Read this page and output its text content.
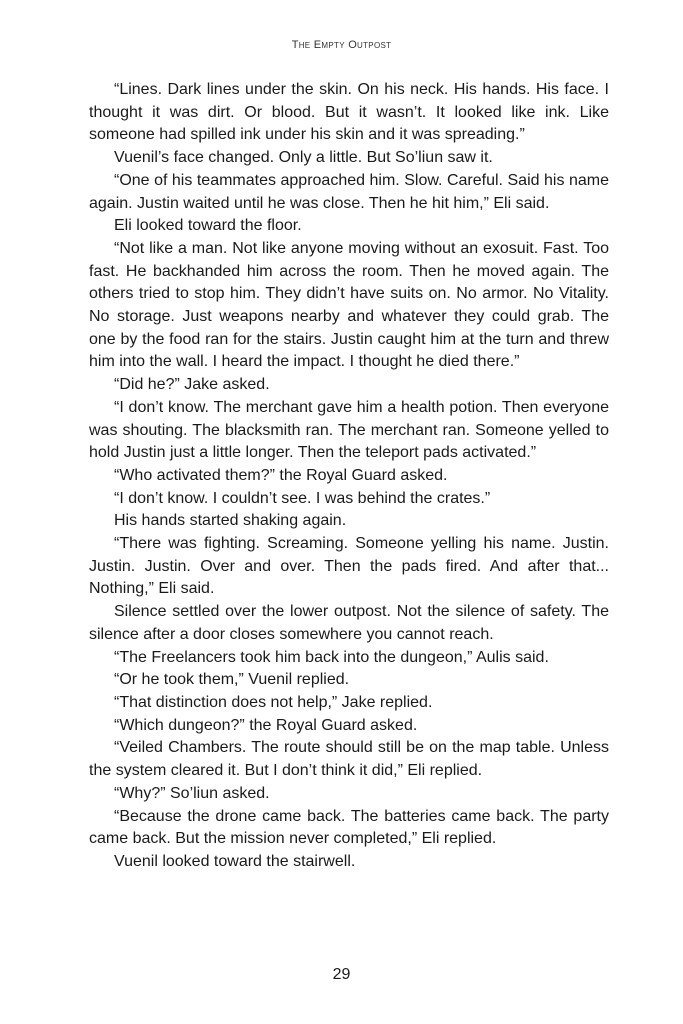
The Empty Outpost

“Lines. Dark lines under the skin. On his neck. His hands. His face. I thought it was dirt. Or blood. But it wasn’t. It looked like ink. Like someone had spilled ink under his skin and it was spreading.”

Vuenil’s face changed. Only a little. But So’liun saw it.

“One of his teammates approached him. Slow. Careful. Said his name again. Justin waited until he was close. Then he hit him,” Eli said.

Eli looked toward the floor.

“Not like a man. Not like anyone moving without an exosuit. Fast. Too fast. He backhanded him across the room. Then he moved again. The others tried to stop him. They didn’t have suits on. No armor. No Vitality. No storage. Just weapons nearby and whatever they could grab. The one by the food ran for the stairs. Justin caught him at the turn and threw him into the wall. I heard the impact. I thought he died there.”

“Did he?” Jake asked.

“I don’t know. The merchant gave him a health potion. Then everyone was shouting. The blacksmith ran. The merchant ran. Someone yelled to hold Justin just a little longer. Then the teleport pads activated.”

“Who activated them?” the Royal Guard asked.

“I don’t know. I couldn’t see. I was behind the crates.”

His hands started shaking again.

“There was fighting. Screaming. Someone yelling his name. Justin. Justin. Justin. Over and over. Then the pads fired. And after that... Nothing,” Eli said.

Silence settled over the lower outpost. Not the silence of safety. The silence after a door closes somewhere you cannot reach.

“The Freelancers took him back into the dungeon,” Aulis said.

“Or he took them,” Vuenil replied.

“That distinction does not help,” Jake replied.

“Which dungeon?” the Royal Guard asked.

“Veiled Chambers. The route should still be on the map table. Unless the system cleared it. But I don’t think it did,” Eli replied.

“Why?” So’liun asked.

“Because the drone came back. The batteries came back. The party came back. But the mission never completed,” Eli replied.

Vuenil looked toward the stairwell.

29
